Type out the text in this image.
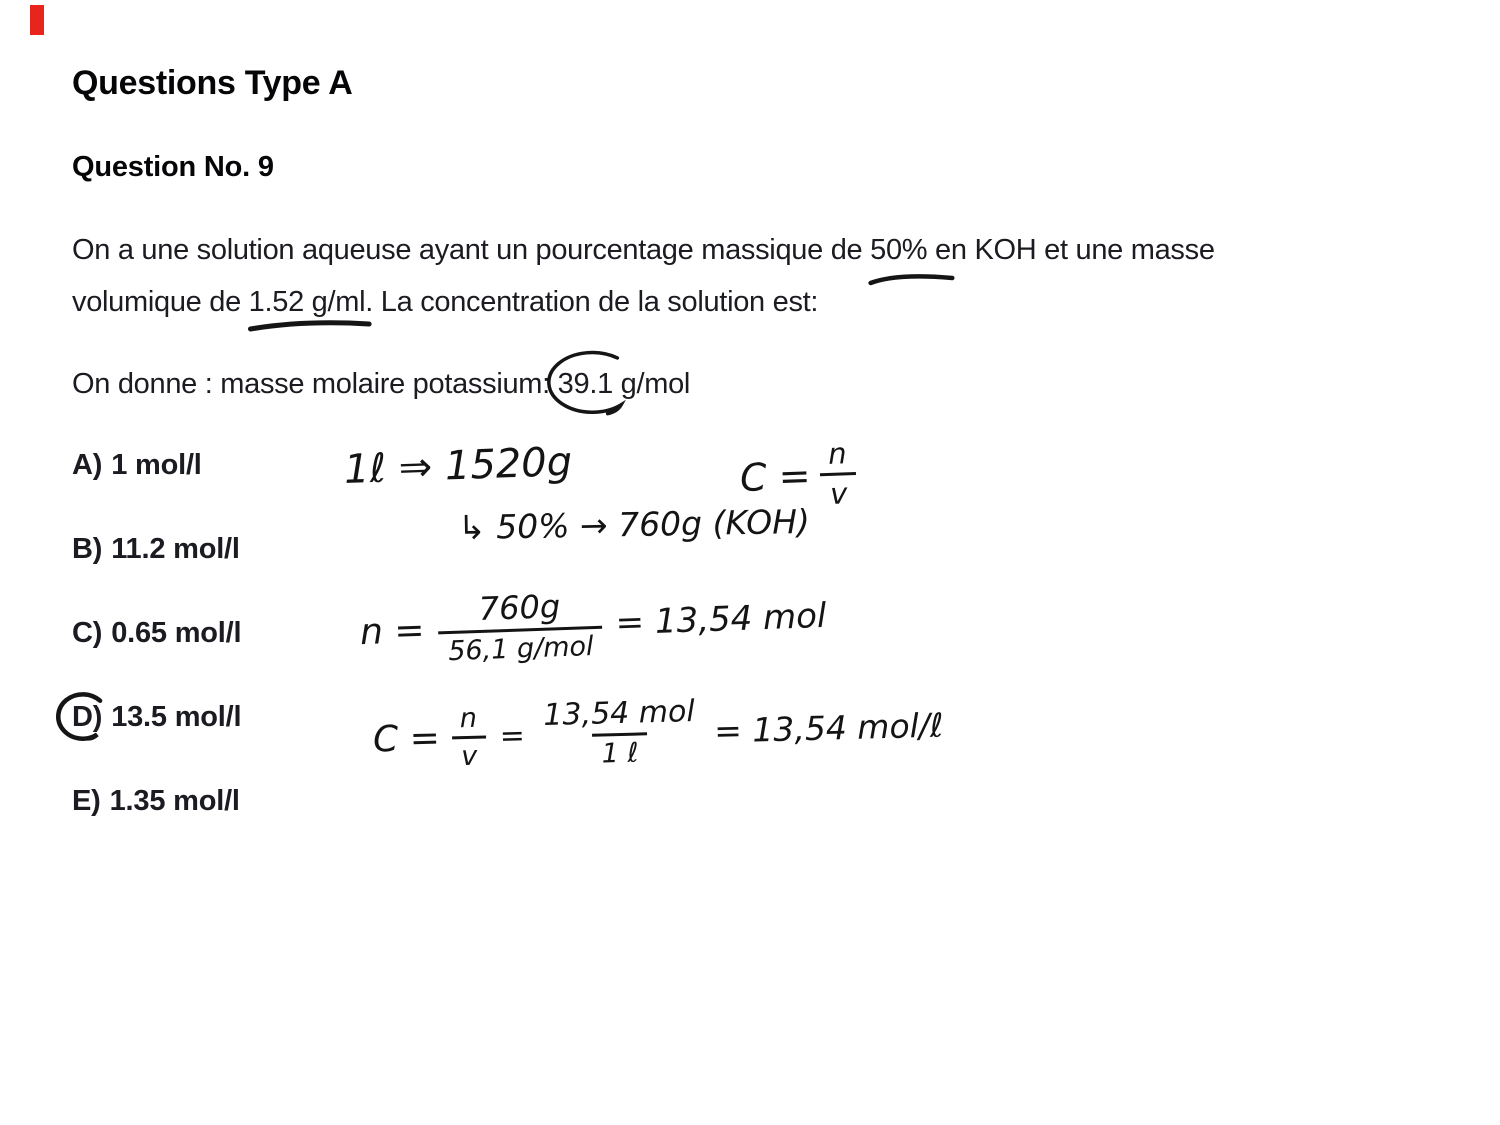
Questions Type A
Question No. 9
On a une solution aqueuse ayant un pourcentage massique de 50%
en KOH et une masse
volumique de 1.52 g/ml
. La concentration de la solution est:
On donne : masse molaire potassium: 39.1
g/mol
A) 1 mol/l
B) 11.2 mol/l
C) 0.65 mol/l
D) 13.5 mol/l
E) 1.35 mol/l
1ℓ ⇒ 1520g	$C = \frac{n}{v}$
↳ 50% → 760g (KOH)
$n = \frac{760g}{\text{56,1 g/mol}} = 13,54$ mol
$C = \frac{n}{v} = \frac{\text{13,54 mol}}{\text{1 ℓ}} = 13,54$ mol/ℓ
